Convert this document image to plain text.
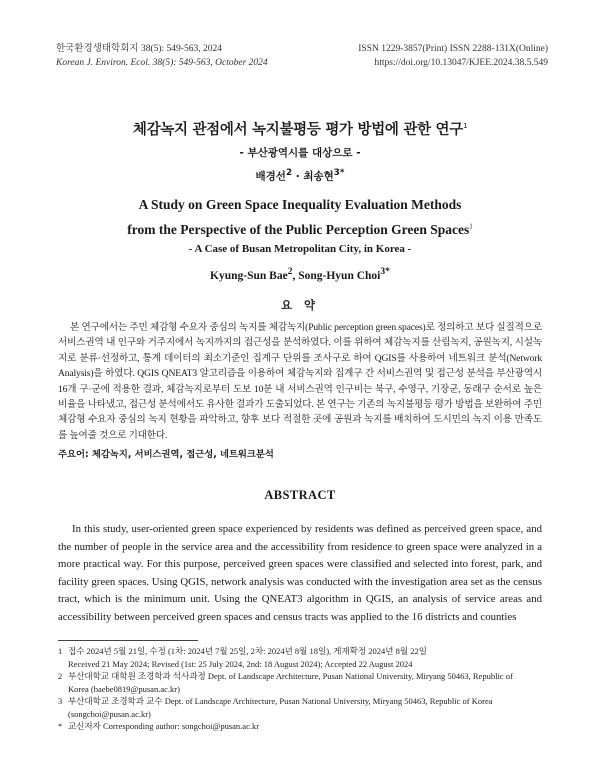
한국환경생태학회지 38(5): 549-563, 2024
Korean J. Environ. Ecol. 38(5): 549-563, October 2024
ISSN 1229-3857(Print) ISSN 2288-131X(Online)
https://doi.org/10.13047/KJEE.2024.38.5.549
체감녹지 관점에서 녹지불평등 평가 방법에 관한 연구$^1$
- 부산광역시를 대상으로 -
배경선$^2$ · 최송현$^{3*}$
A Study on Green Space Inequality Evaluation Methods
from the Perspective of the Public Perception Green Spaces$^1$
- A Case of Busan Metropolitan City, in Korea -
Kyung-Sun Bae$^2$, Song-Hyun Choi$^{3*}$
요 약

본 연구에서는 주민 체감형 수요자 중심의 녹지를 체감녹지(Public perception green spaces)로 정의하고 보다 실질적으로 서비스권역 내 인구와 거주지에서 녹지까지의 접근성을 분석하였다. 이를 위하여 체감녹지를 산림녹지, 공원녹지, 시설녹지로 분류·선정하고, 통계 데이터의 최소기준인 집계구 단위를 조사구로 하여 QGIS를 사용하여 네트워크 분석(Network Analysis)을 하였다. QGIS QNEAT3 알고리즘을 이용하여 체감녹지와 집계구 간 서비스권역 및 접근성 분석을 부산광역시 16개 구·군에 적용한 결과, 체감녹지로부터 도보 10분 내 서비스권역 인구비는 북구, 수영구, 기장군, 동래구 순서로 높은 비율을 나타냈고, 접근성 분석에서도 유사한 결과가 도출되었다. 본 연구는 기존의 녹지불평등 평가 방법을 보완하여 주민 체감형 수요자 중심의 녹지 현황을 파악하고, 향후 보다 적절한 곳에 공원과 녹지를 배치하여 도시민의 녹지 이용 만족도를 높여줄 것으로 기대한다.

주요어: 체감녹지, 서비스권역, 접근성, 네트워크분석
ABSTRACT

In this study, user-oriented green space experienced by residents was defined as perceived green space, and the number of people in the service area and the accessibility from residence to green space were analyzed in a more practical way. For this purpose, perceived green spaces were classified and selected into forest, park, and facility green spaces. Using QGIS, network analysis was conducted with the investigation area set as the census tract, which is the minimum unit. Using the QNEAT3 algorithm in QGIS, an analysis of service areas and accessibility between perceived green spaces and census tracts was applied to the 16 districts and counties

1 접수 2024년 5월 21일, 수정 (1차: 2024년 7월 25일, 2차: 2024년 8월 18일), 게재확정 2024년 8월 22일
Received 21 May 2024; Revised (1st: 25 July 2024, 2nd: 18 August 2024); Accepted 22 August 2024
2 부산대학교 대학원 조경학과 석사과정 Dept. of Landscape Architecture, Pusan National University, Miryang 50463, Republic of
Korea (baebe0819@pusan.ac.kr)
3 부산대학교 조경학과 교수 Dept. of Landscape Architecture, Pusan National University, Miryang 50463, Republic of Korea
(songchoi@pusan.ac.kr)
* 교신저자 Corresponding author: songchoi@pusan.ac.kr
